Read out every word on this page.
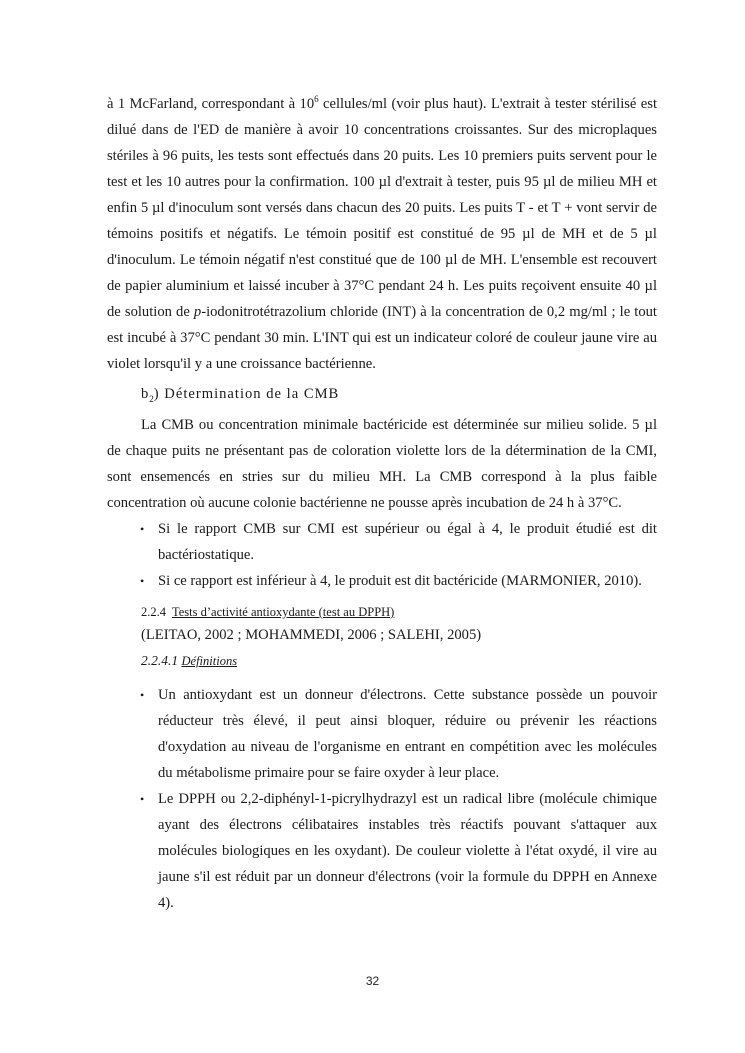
à 1 McFarland, correspondant à $10^6$ cellules/ml (voir plus haut). L'extrait à tester stérilisé est dilué dans de l'ED de manière à avoir 10 concentrations croissantes. Sur des microplaques stériles à 96 puits, les tests sont effectués dans 20 puits. Les 10 premiers puits servent pour le test et les 10 autres pour la confirmation. 100 µl d'extrait à tester, puis 95 µl de milieu MH et enfin 5 µl d'inoculum sont versés dans chacun des 20 puits. Les puits T - et T + vont servir de témoins positifs et négatifs. Le témoin positif est constitué de 95 µl de MH et de 5 µl d'inoculum. Le témoin négatif n'est constitué que de 100 µl de MH. L'ensemble est recouvert de papier aluminium et laissé incuber à 37°C pendant 24 h. Les puits reçoivent ensuite 40 µl de solution de p-iodonitrotétrazolium chloride (INT) à la concentration de 0,2 mg/ml ; le tout est incubé à 37°C pendant 30 min. L'INT qui est un indicateur coloré de couleur jaune vire au violet lorsqu'il y a une croissance bactérienne.

$b_2$) Détermination de la CMB

La CMB ou concentration minimale bactéricide est déterminée sur milieu solide. 5 µl de chaque puits ne présentant pas de coloration violette lors de la détermination de la CMI, sont ensemencés en stries sur du milieu MH. La CMB correspond à la plus faible concentration où aucune colonie bactérienne ne pousse après incubation de 24 h à 37°C.

• Si le rapport CMB sur CMI est supérieur ou égal à 4, le produit étudié est dit bactériostatique.
• Si ce rapport est inférieur à 4, le produit est dit bactéricide (MARMONIER, 2010).
2.2.4 Tests d’activité antioxydante (test au DPPH)
(LEITAO, 2002 ; MOHAMMEDI, 2006 ; SALEHI, 2005)
2.2.4.1 Définitions
• Un antioxydant est un donneur d'électrons. Cette substance possède un pouvoir réducteur très élevé, il peut ainsi bloquer, réduire ou prévenir les réactions d'oxydation au niveau de l'organisme en entrant en compétition avec les molécules du métabolisme primaire pour se faire oxyder à leur place.
• Le DPPH ou 2,2-diphényl-1-picrylhydrazyl est un radical libre (molécule chimique ayant des électrons célibataires instables très réactifs pouvant s'attaquer aux molécules biologiques en les oxydant). De couleur violette à l'état oxydé, il vire au jaune s'il est réduit par un donneur d'électrons (voir la formule du DPPH en Annexe 4).
32
